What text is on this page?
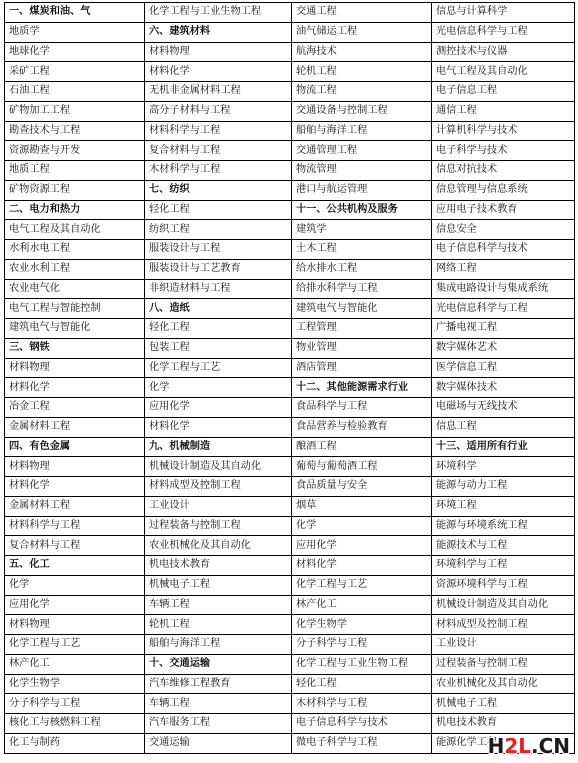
一、煤炭和油、气	化学工程与工业生物工程	交通工程	信息与计算科学
地质学	六、建筑材料	油气储运工程	光电信息科学与工程
地球化学	材料物理	航海技术	测控技术与仪器
采矿工程	材料化学	轮机工程	电气工程及其自动化
石油工程	无机非金属材料工程	物流工程	电子信息工程
矿物加工工程	高分子材料与工程	交通设备与控制工程	通信工程
勘查技术与工程	材料科学与工程	船舶与海洋工程	计算机科学与技术
资源勘查与开发	复合材料与工程	交通管理工程	电子科学与技术
地质工程	木材科学与工程	物流管理	信息对抗技术
矿物资源工程	七、纺织	港口与航运管理	信息管理与信息系统
二、电力和热力	轻化工程	十一、公共机构及服务	应用电子技术教育
电气工程及其自动化	纺织工程	建筑学	信息安全
水利水电工程	服装设计与工程	土木工程	电子信息科学与技术
农业水利工程	服装设计与工艺教育	给水排水工程	网络工程
农业电气化	非织造材料与工程	给排水科学与工程	集成电路设计与集成系统
电气工程与智能控制	八、造纸	建筑电气与智能化	光电信息科学与工程
建筑电气与智能化	轻化工程	工程管理	广播电视工程
三、钢铁	包装工程	物业管理	数字媒体艺术
材料物理	化学工程与工艺	酒店管理	医学信息工程
材料化学	化学	十二、其他能源需求行业	数字媒体技术
冶金工程	应用化学	食品科学与工程	电磁场与无线技术
金属材料工程	材料化学	食品营养与检验教育	信息工程
四、有色金属	九、机械制造	酿酒工程	十三、适用所有行业
材料物理	机械设计制造及其自动化	葡萄与葡萄酒工程	环境科学
材料化学	材料成型及控制工程	食品质量与安全	能源与动力工程
金属材料工程	工业设计	烟草	环境工程
材料科学与工程	过程装备与控制工程	化学	能源与环境系统工程
复合材料与工程	农业机械化及其自动化	应用化学	能源技术与工程
五、化工	机电技术教育	材料化学	环境科学与工程
化学	机械电子工程	化学工程与工艺	资源环境科学与工程
应用化学	车辆工程	林产化工	机械设计制造及其自动化
材料物理	轮机工程	化学生物学	材料成型及控制工程
化学工程与工艺	船舶与海洋工程	分子科学与工程	工业设计
林产化工	十、交通运输	化学工程与工业生物工程	过程装备与控制工程
化学生物学	汽车维修工程教育	轻化工程	农业机械化及其自动化
分子科学与工程	车辆工程	木材科学与工程	机械电子工程
核化工与核燃料工程	汽车服务工程	电子信息科学与技术	机电技术教育
化工与制药	交通运输	微电子科学与工程	能源化学工程
H2L.CN
